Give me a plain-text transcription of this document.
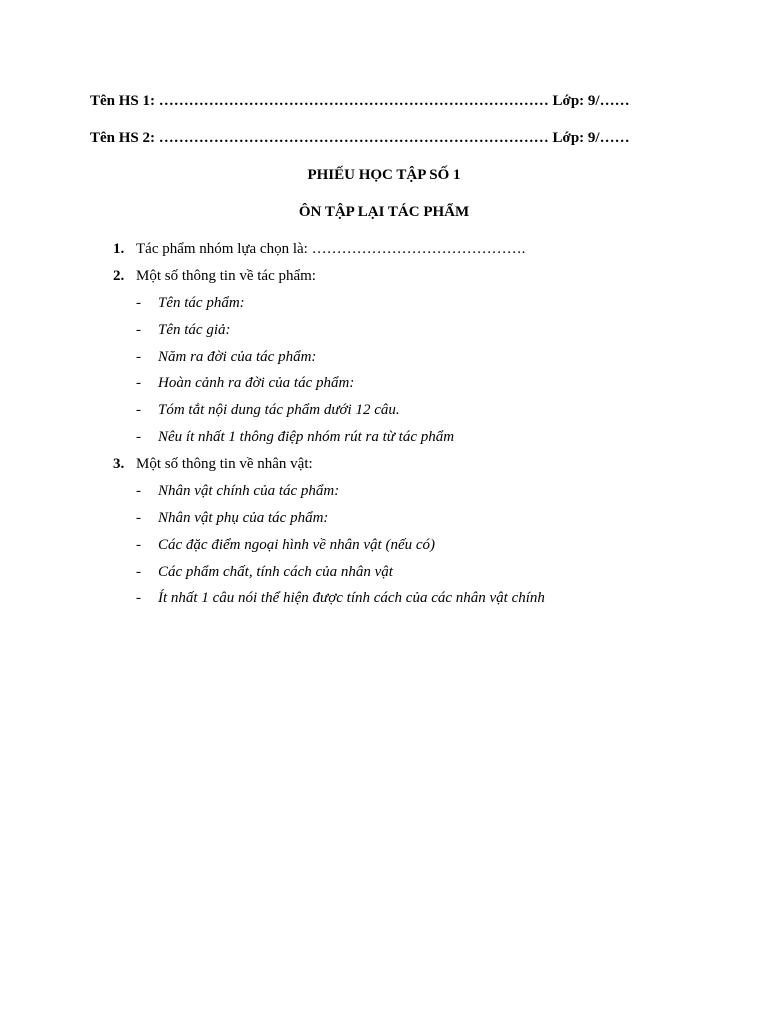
Tên HS 1: …………………………………………………………………… Lớp: 9/……
Tên HS 2: …………………………………………………………………… Lớp: 9/……
PHIẾU HỌC TẬP SỐ 1
ÔN TẬP LẠI TÁC PHẨM
1. Tác phẩm nhóm lựa chọn là: …………………………………….
2. Một số thông tin về tác phẩm:
- Tên tác phẩm:
- Tên tác giả:
- Năm ra đời của tác phẩm:
- Hoàn cảnh ra đời của tác phẩm:
- Tóm tắt nội dung tác phẩm dưới 12 câu.
- Nêu ít nhất 1 thông điệp nhóm rút ra từ tác phẩm
3. Một số thông tin về nhân vật:
- Nhân vật chính của tác phẩm:
- Nhân vật phụ của tác phẩm:
- Các đặc điểm ngoại hình về nhân vật (nếu có)
- Các phẩm chất, tính cách của nhân vật
- Ít nhất 1 câu nói thể hiện được tính cách của các nhân vật chính
